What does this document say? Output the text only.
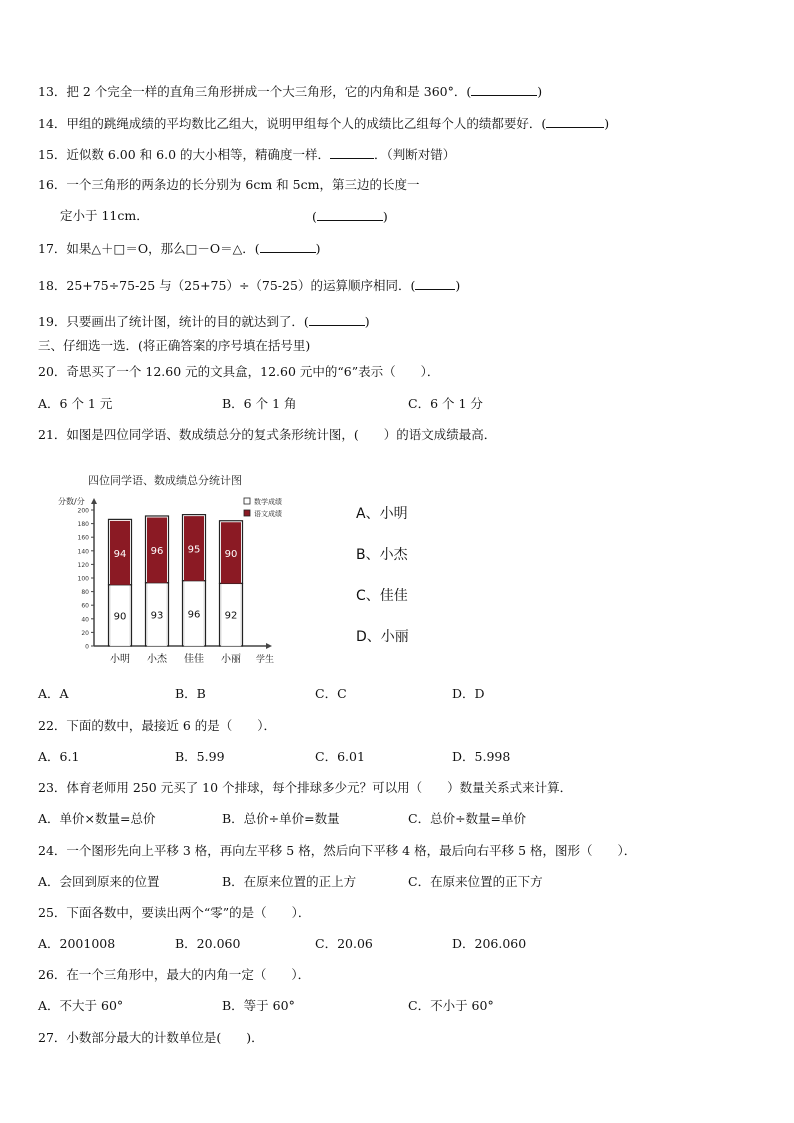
13．把 2 个完全一样的直角三角形拼成一个大三角形，它的内角和是 360°．(	)
14．甲组的跳绳成绩的平均数比乙组大，说明甲组每个人的成绩比乙组每个人的绩都要好．(	)
15．近似数 6.00 和 6.0 的大小相等，精确度一样．	．（判断对错）
16．一个三角形的两条边的长分别为 6cm 和 5cm，第三边的长度一
定小于 11cm．	(	)
17．如果△＋□＝O，那么□－O＝△．(	)
18．25+75÷75-25 与（25+75）÷（75-25）的运算顺序相同．(	)
19．只要画出了统计图，统计的目的就达到了．(	)
三、仔细选一选．(将正确答案的序号填在括号里)
20．奇思买了一个 12.60 元的文具盒，12.60 元中的“6”表示（　　）．
A．6 个 1 元	B．6 个 1 角	C．6 个 1 分
21．如图是四位同学语、数成绩总分的复式条形统计图，(　　）的语文成绩最高．
四位同学语、数成绩总分统计图
分数/分
学生
数学成绩
语文成绩
0
20
40
60
80
100
120
140
160
180
200
小明 小杰 佳佳 小丽
90
94
93
96
96
95
92
90
A、小明
B、小杰
C、佳佳
D、小丽
A．A	B．B	C．C	D．D
22．下面的数中，最接近 6 的是（　　）．
A．6.1	B．5.99	C．6.01	D．5.998
23．体育老师用 250 元买了 10 个排球，每个排球多少元？可以用（　　）数量关系式来计算．
A．单价×数量=总价	B．总价÷单价=数量	C．总价÷数量=单价
24．一个图形先向上平移 3 格，再向左平移 5 格，然后向下平移 4 格，最后向右平移 5 格，图形（　　）．
A．会回到原来的位置	B．在原来位置的正上方	C．在原来位置的正下方
25．下面各数中，要读出两个“零”的是（　　）．
A．2001008	B．20.060	C．20.06	D．206.060
26．在一个三角形中，最大的内角一定（　　）．
A．不大于 60°	B．等于 60°	C．不小于 60°
27．小数部分最大的计数单位是(　　)．
